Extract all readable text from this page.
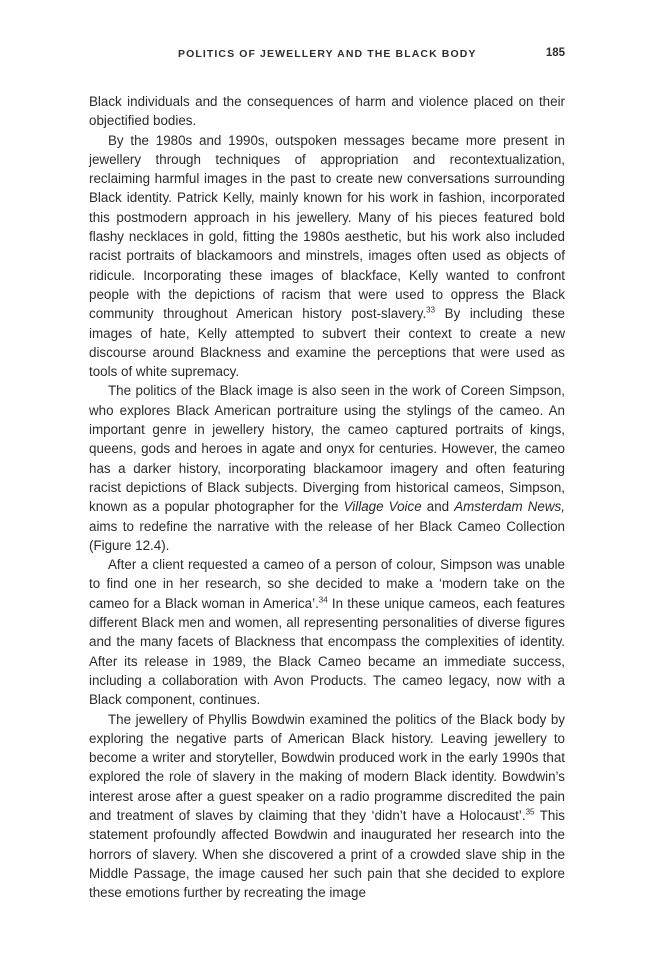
POLITICS OF JEWELLERY AND THE BLACK BODY	185

Black individuals and the consequences of harm and violence placed on their objectified bodies.

By the 1980s and 1990s, outspoken messages became more present in jewellery through techniques of appropriation and recontextualization, reclaiming harmful images in the past to create new conversations surrounding Black identity. Patrick Kelly, mainly known for his work in fashion, incorporated this postmodern approach in his jewellery. Many of his pieces featured bold flashy necklaces in gold, fitting the 1980s aesthetic, but his work also included racist portraits of blackamoors and minstrels, images often used as objects of ridicule. Incorporating these images of blackface, Kelly wanted to confront people with the depictions of racism that were used to oppress the Black community throughout American history post-slavery.$^{33}$ By including these images of hate, Kelly attempted to subvert their context to create a new discourse around Blackness and examine the perceptions that were used as tools of white supremacy.

The politics of the Black image is also seen in the work of Coreen Simpson, who explores Black American portraiture using the stylings of the cameo. An important genre in jewellery history, the cameo captured portraits of kings, queens, gods and heroes in agate and onyx for centuries. However, the cameo has a darker history, incorporating blackamoor imagery and often featuring racist depictions of Black subjects. Diverging from historical cameos, Simpson, known as a popular photographer for the Village Voice and Amsterdam News, aims to redefine the narrative with the release of her Black Cameo Collection (Figure 12.4).

After a client requested a cameo of a person of colour, Simpson was unable to find one in her research, so she decided to make a ‘modern take on the cameo for a Black woman in America’.$^{34}$ In these unique cameos, each features different Black men and women, all representing personalities of diverse figures and the many facets of Blackness that encompass the complexities of identity. After its release in 1989, the Black Cameo became an immediate success, including a collaboration with Avon Products. The cameo legacy, now with a Black component, continues.

The jewellery of Phyllis Bowdwin examined the politics of the Black body by exploring the negative parts of American Black history. Leaving jewellery to become a writer and storyteller, Bowdwin produced work in the early 1990s that explored the role of slavery in the making of modern Black identity. Bowdwin’s interest arose after a guest speaker on a radio programme discredited the pain and treatment of slaves by claiming that they ‘didn’t have a Holocaust’.$^{35}$ This statement profoundly affected Bowdwin and inaugurated her research into the horrors of slavery. When she discovered a print of a crowded slave ship in the Middle Passage, the image caused her such pain that she decided to explore these emotions further by recreating the image
